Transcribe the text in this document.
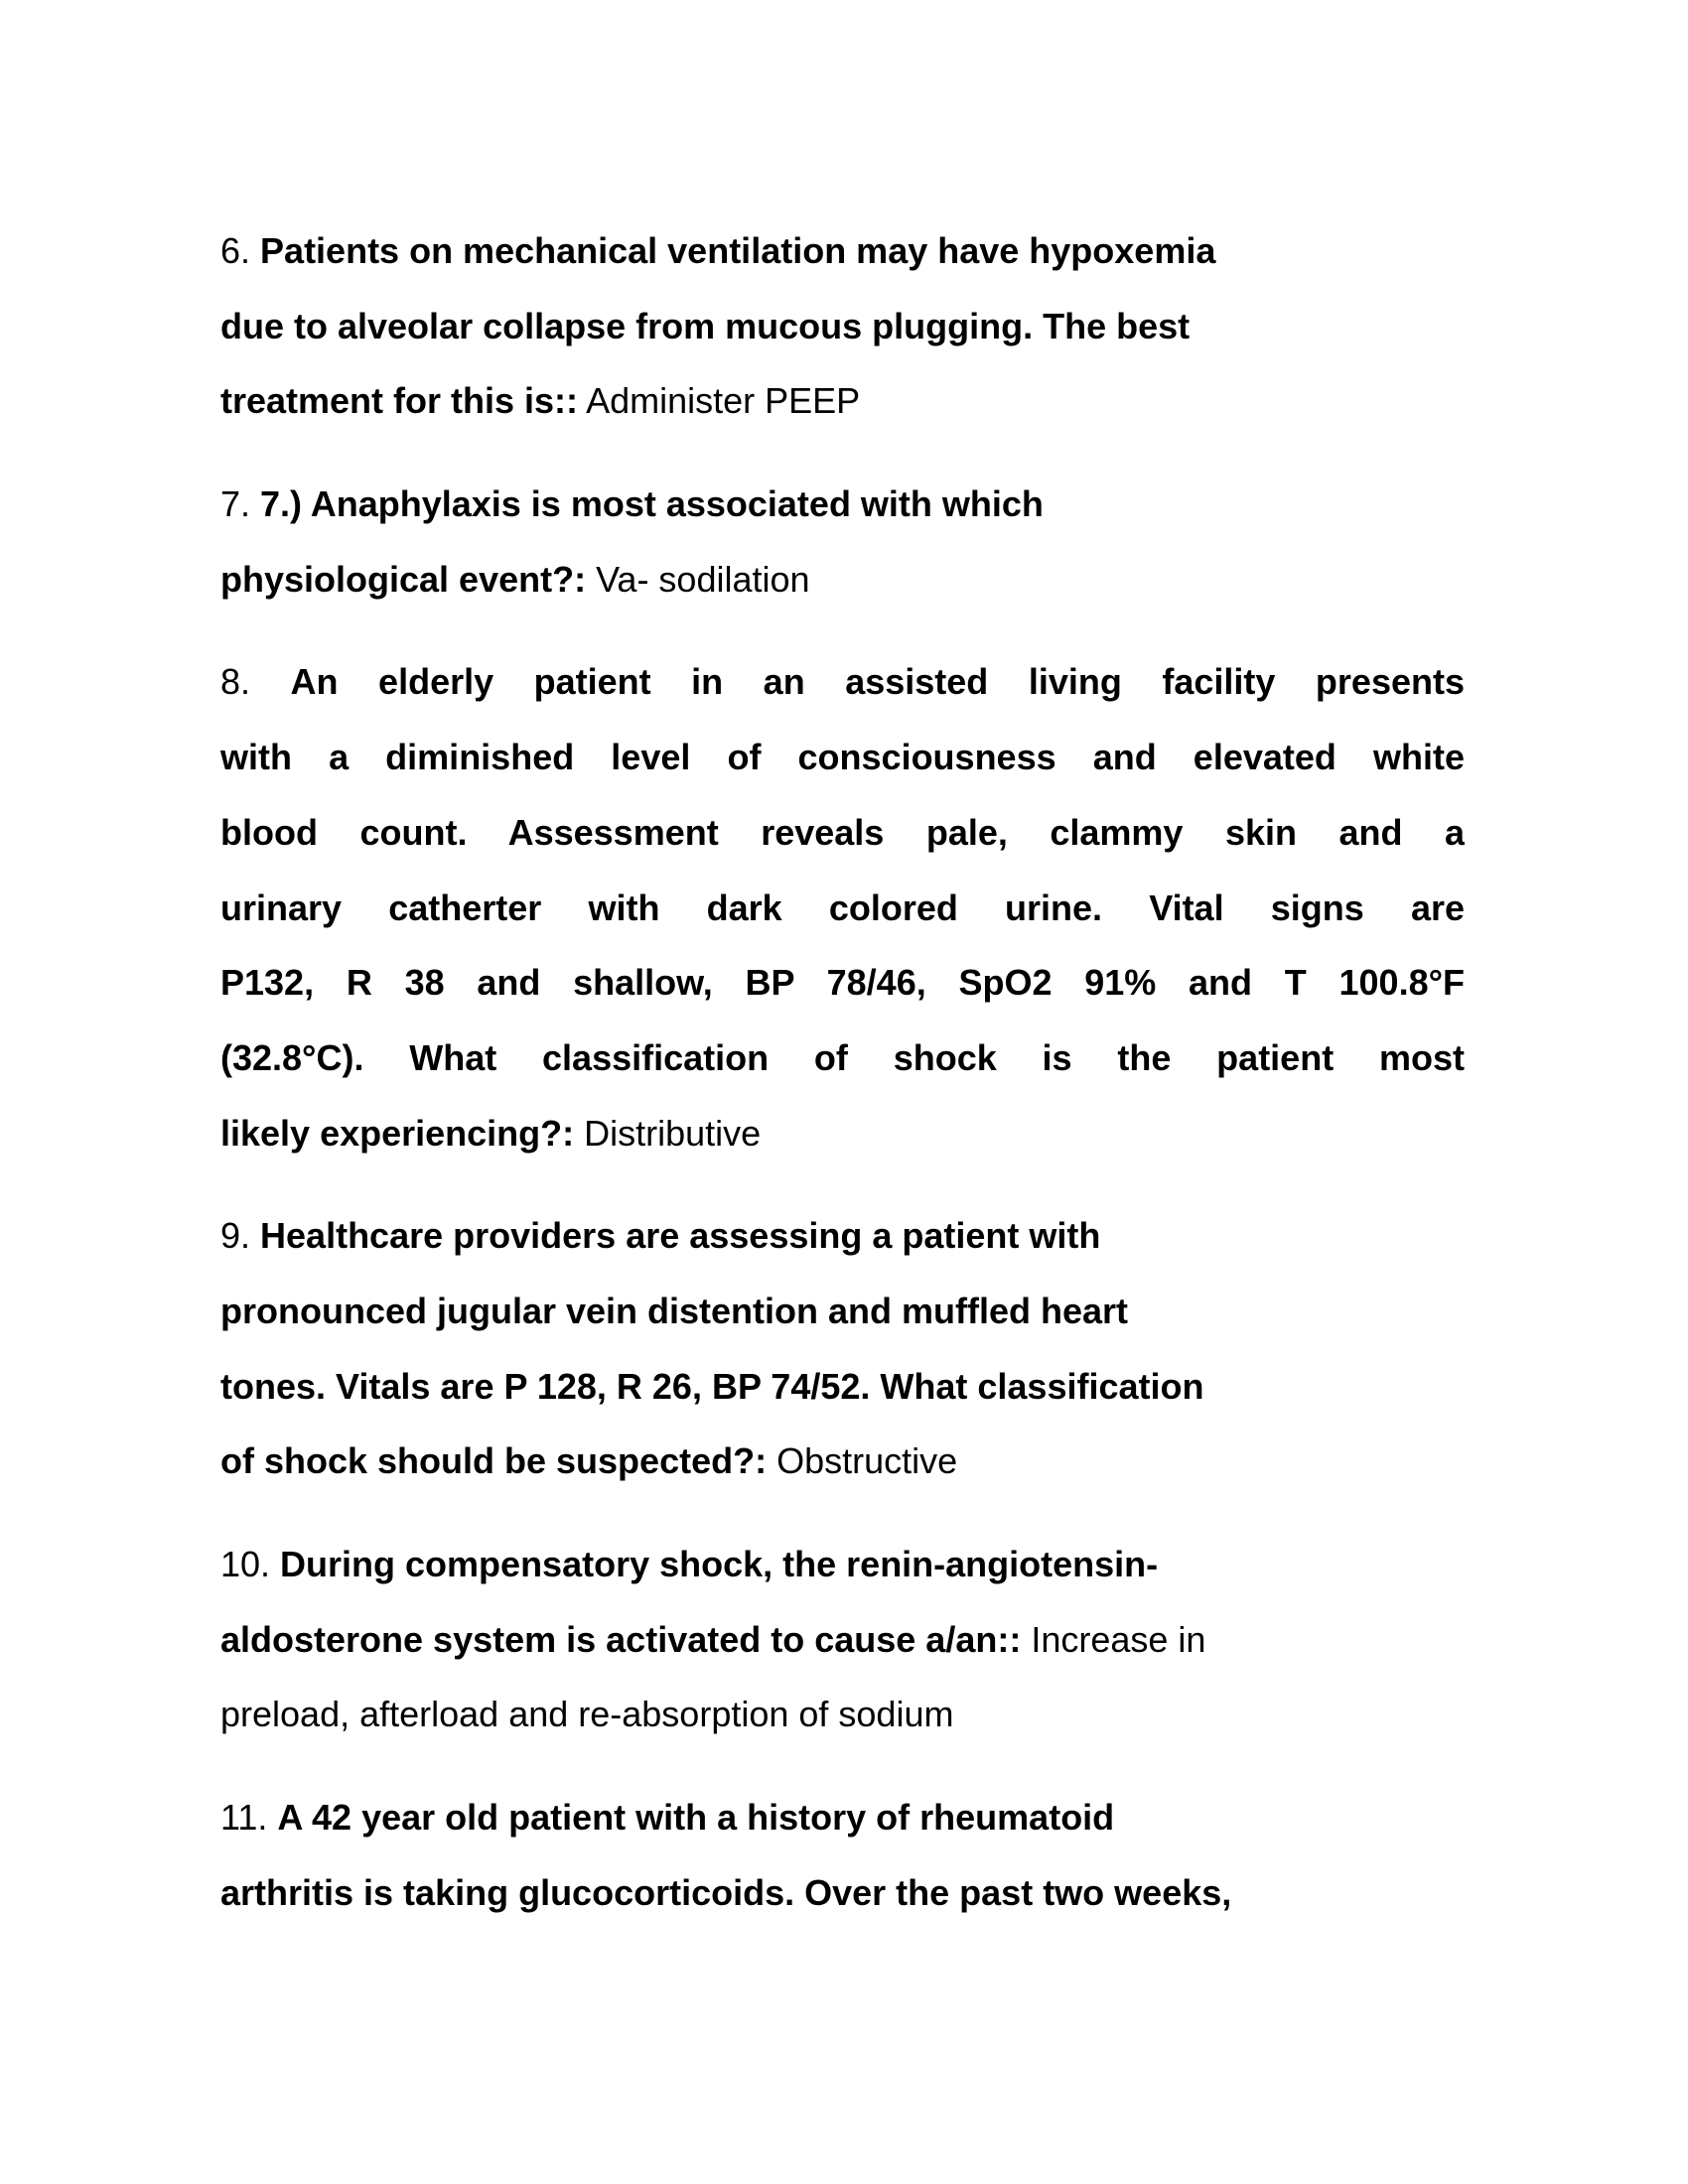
6. Patients on mechanical ventilation may have hypoxemia
due to alveolar collapse from mucous plugging. The best
treatment for this is:: Administer PEEP
7. 7.) Anaphylaxis is most associated with which
physiological event?: Va- sodilation
8. An elderly patient in an assisted living facility presents
with a diminished level of consciousness and elevated white
blood count. Assessment reveals pale, clammy skin and a
urinary catherter with dark colored urine. Vital signs are
P132, R 38 and shallow, BP 78/46, SpO2 91% and T 100.8°F
(32.8°C). What classification of shock is the patient most
likely experiencing?: Distributive
9. Healthcare providers are assessing a patient with
pronounced jugular vein distention and muffled heart
tones. Vitals are P 128, R 26, BP 74/52. What classification
of shock should be suspected?: Obstructive
10. During compensatory shock, the renin-angiotensin-
aldosterone system is activated to cause a/an:: Increase in
preload, afterload and re-absorption of sodium
11. A 42 year old patient with a history of rheumatoid
arthritis is taking glucocorticoids. Over the past two weeks,
